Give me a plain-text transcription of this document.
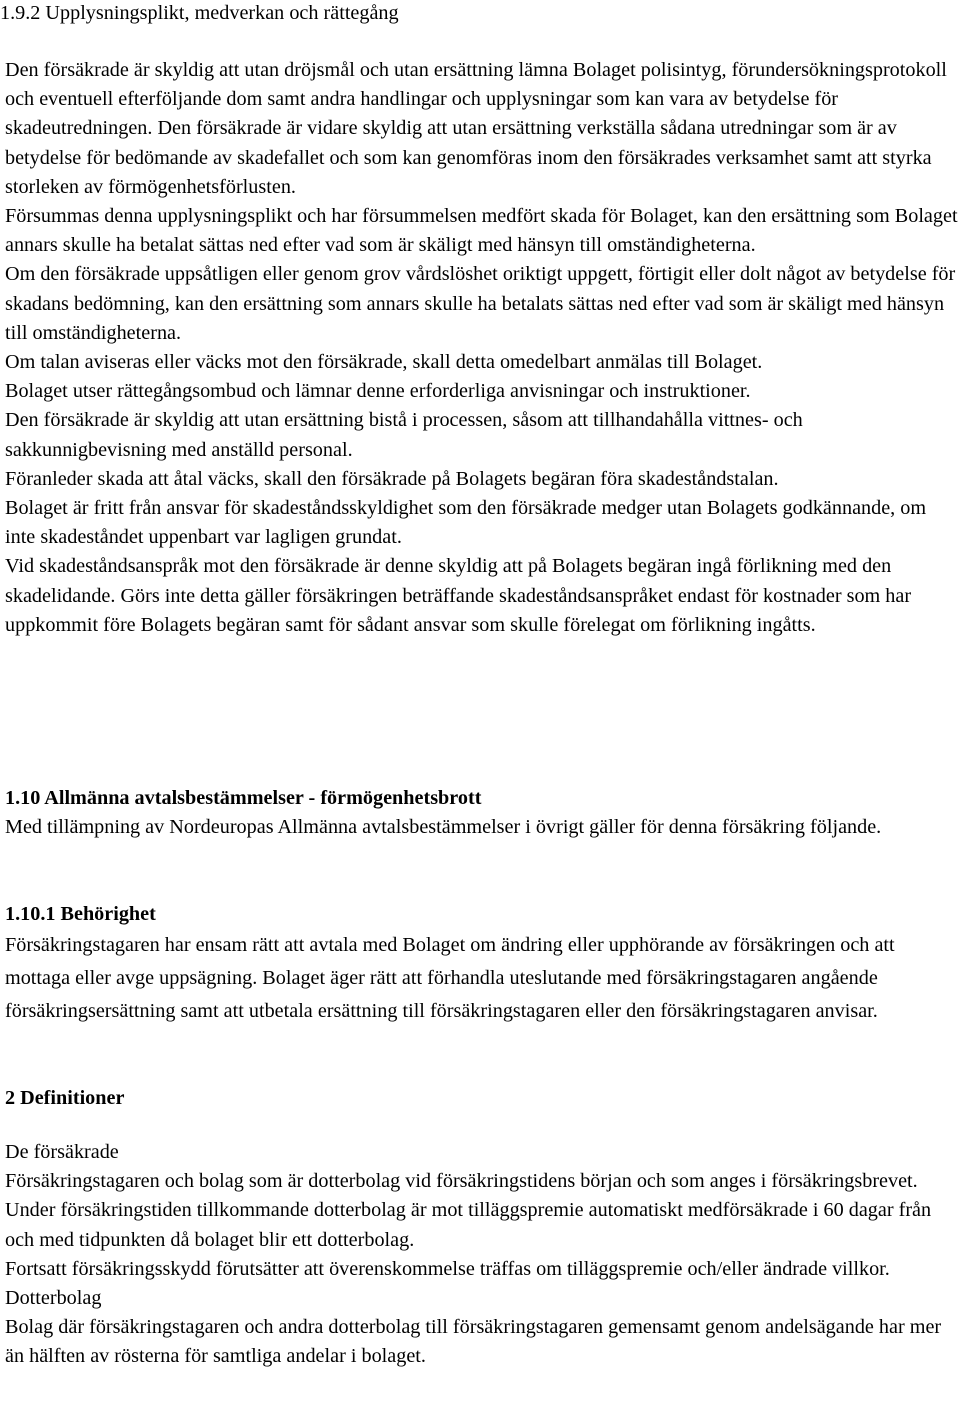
1.9.2 Upplysningsplikt, medverkan och rättegång

Den försäkrade är skyldig att utan dröjsmål och utan ersättning lämna Bolaget polisintyg, förundersökningsprotokoll och eventuell efterföljande dom samt andra handlingar och upplysningar som kan vara av betydelse för skadeutredningen. Den försäkrade är vidare skyldig att utan ersättning verkställa sådana utredningar som är av betydelse för bedömande av skadefallet och som kan genomföras inom den försäkrades verksamhet samt att styrka storleken av förmögenhetsförlusten.

Försummas denna upplysningsplikt och har försummelsen medfört skada för Bolaget, kan den ersättning som Bolaget annars skulle ha betalat sättas ned efter vad som är skäligt med hänsyn till omständigheterna.

Om den försäkrade uppsåtligen eller genom grov vårdslöshet oriktigt uppgett, förtigit eller dolt något av betydelse för skadans bedömning, kan den ersättning som annars skulle ha betalats sättas ned efter vad som är skäligt med hänsyn till omständigheterna.

Om talan aviseras eller väcks mot den försäkrade, skall detta omedelbart anmälas till Bolaget.

Bolaget utser rättegångsombud och lämnar denne erforderliga anvisningar och instruktioner.

Den försäkrade är skyldig att utan ersättning bistå i processen, såsom att tillhandahålla vittnes- och sakkunnigbevisning med anställd personal.

Föranleder skada att åtal väcks, skall den försäkrade på Bolagets begäran föra skadeståndstalan.

Bolaget är fritt från ansvar för skadeståndsskyldighet som den försäkrade medger utan Bolagets godkännande, om inte skadeståndet uppenbart var lagligen grundat.

Vid skadeståndsanspråk mot den försäkrade är denne skyldig att på Bolagets begäran ingå förlikning med den skadelidande. Görs inte detta gäller försäkringen beträffande skadeståndsanspråket endast för kostnader som har uppkommit före Bolagets begäran samt för sådant ansvar som skulle förelegat om förlikning ingåtts.

1.10 Allmänna avtalsbestämmelser - förmögenhetsbrott

Med tillämpning av Nordeuropas Allmänna avtalsbestämmelser i övrigt gäller för denna försäkring följande.

1.10.1 Behörighet

Försäkringstagaren har ensam rätt att avtala med Bolaget om ändring eller upphörande av försäkringen och att mottaga eller avge uppsägning. Bolaget äger rätt att förhandla uteslutande med försäkringstagaren angående försäkringsersättning samt att utbetala ersättning till försäkringstagaren eller den försäkringstagaren anvisar.

2 Definitioner

De försäkrade

Försäkringstagaren och bolag som är dotterbolag vid försäkringstidens början och som anges i försäkringsbrevet. Under försäkringstiden tillkommande dotterbolag är mot tilläggspremie automatiskt medförsäkrade i 60 dagar från och med tidpunkten då bolaget blir ett dotterbolag.

Fortsatt försäkringsskydd förutsätter att överenskommelse träffas om tilläggspremie och/eller ändrade villkor.

Dotterbolag

Bolag där försäkringstagaren och andra dotterbolag till försäkringstagaren gemensamt genom andelsägande har mer än hälften av rösterna för samtliga andelar i bolaget.
